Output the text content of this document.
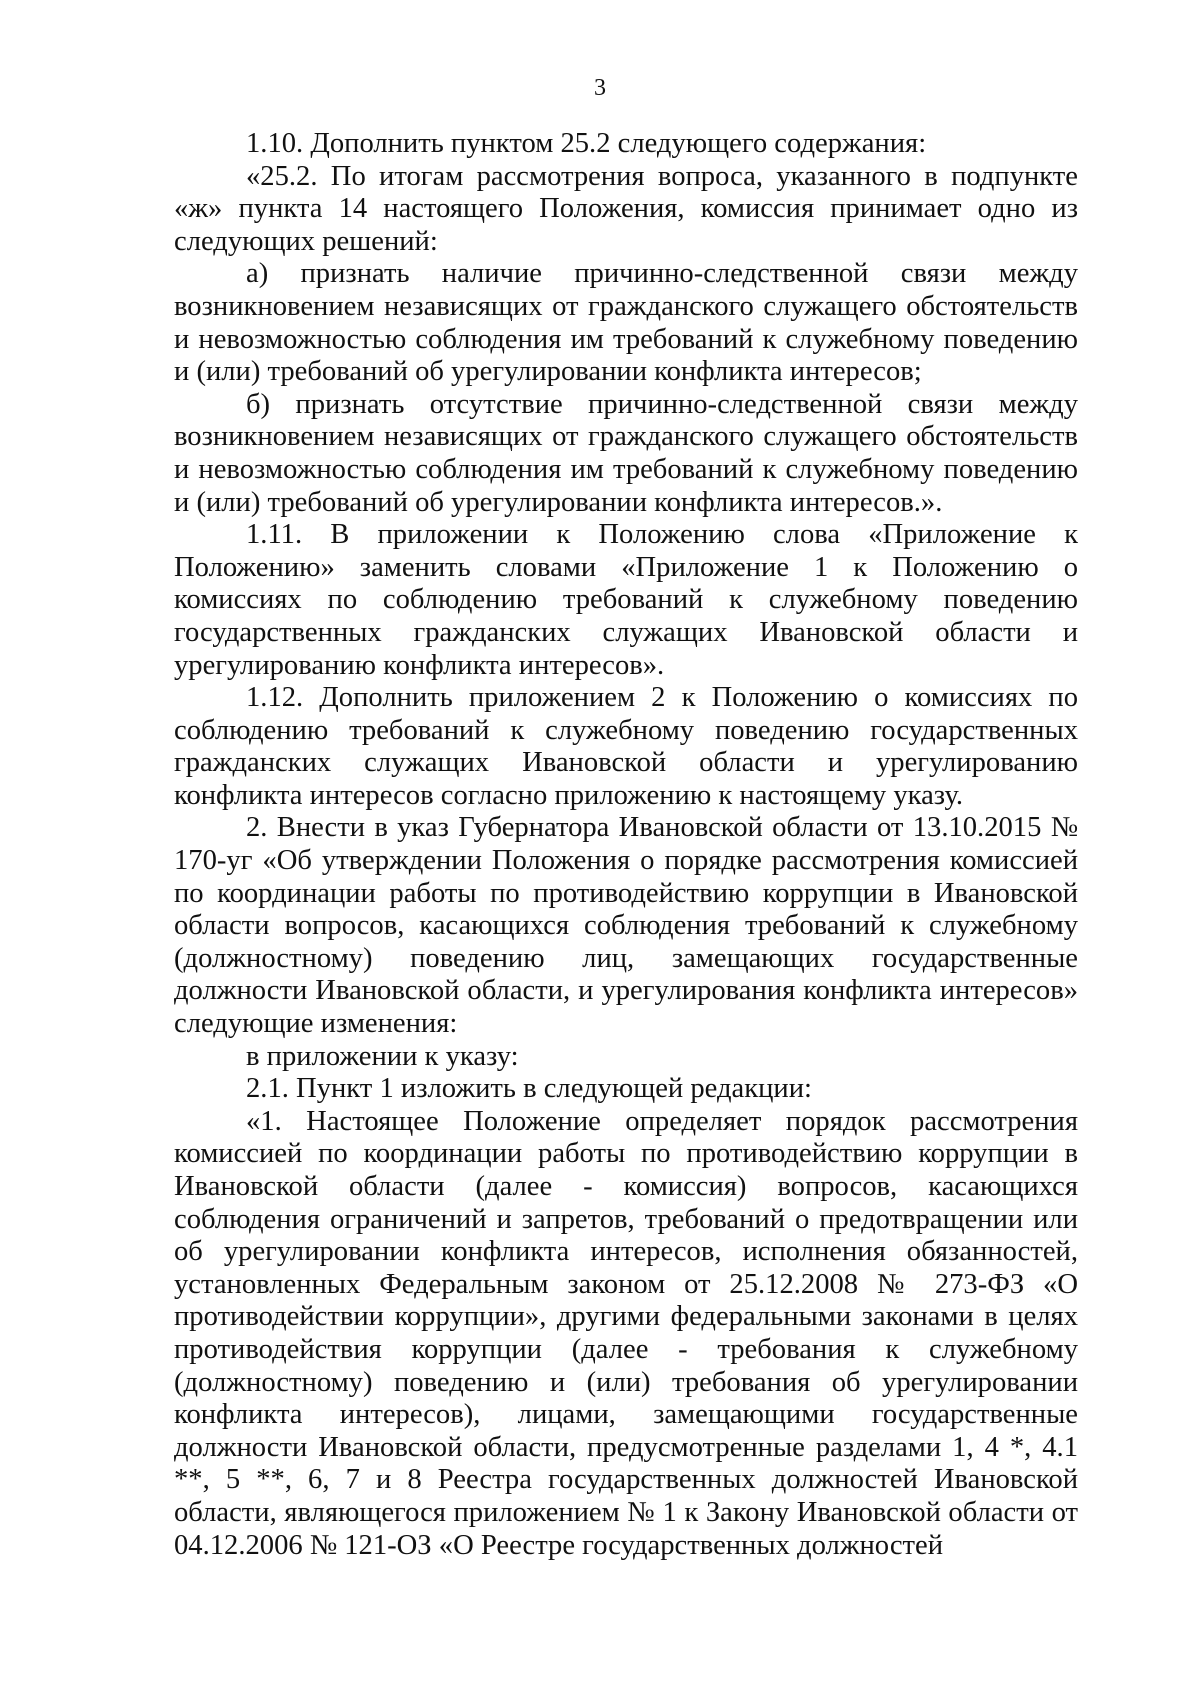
3

1.10. Дополнить пунктом 25.2 следующего содержания:

«25.2. По итогам рассмотрения вопроса, указанного в подпункте «ж» пункта 14 настоящего Положения, комиссия принимает одно из следующих решений:

а) признать наличие причинно-следственной связи между возникновением независящих от гражданского служащего обстоятельств и невозможностью соблюдения им требований к служебному поведению и (или) требований об урегулировании конфликта интересов;

б) признать отсутствие причинно-следственной связи между возникновением независящих от гражданского служащего обстоятельств и невозможностью соблюдения им требований к служебному поведению и (или) требований об урегулировании конфликта интересов.».

1.11. В приложении к Положению слова «Приложение к Положению» заменить словами «Приложение 1 к Положению о комиссиях по соблюдению требований к служебному поведению государственных гражданских служащих Ивановской области и урегулированию конфликта интересов».

1.12. Дополнить приложением 2 к Положению о комиссиях по соблюдению требований к служебному поведению государственных гражданских служащих Ивановской области и урегулированию конфликта интересов согласно приложению к настоящему указу.

2. Внести в указ Губернатора Ивановской области от 13.10.2015 № 170-уг «Об утверждении Положения о порядке рассмотрения комиссией по координации работы по противодействию коррупции в Ивановской области вопросов, касающихся соблюдения требований к служебному (должностному) поведению лиц, замещающих государственные должности Ивановской области, и урегулирования конфликта интересов» следующие изменения:

в приложении к указу:

2.1. Пункт 1 изложить в следующей редакции:

«1. Настоящее Положение определяет порядок рассмотрения комиссией по координации работы по противодействию коррупции в Ивановской области (далее - комиссия) вопросов, касающихся соблюдения ограничений и запретов, требований о предотвращении или об урегулировании конфликта интересов, исполнения обязанностей, установленных Федеральным законом от 25.12.2008 № 273-ФЗ «О противодействии коррупции», другими федеральными законами в целях противодействия коррупции (далее - требования к служебному (должностному) поведению и (или) требования об урегулировании конфликта интересов), лицами, замещающими государственные должности Ивановской области, предусмотренные разделами 1, 4 *, 4.1 **, 5 **, 6, 7 и 8 Реестра государственных должностей Ивановской области, являющегося приложением № 1 к Закону Ивановской области от 04.12.2006 № 121-ОЗ «О Реестре государственных должностей
